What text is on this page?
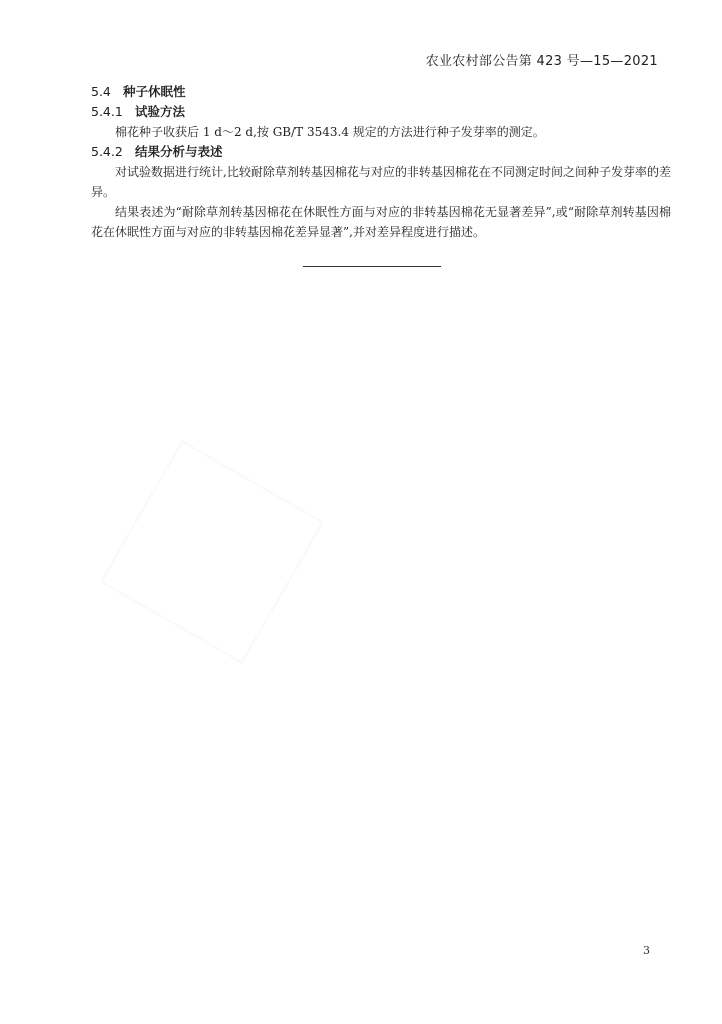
农业农村部公告第 423 号—15—2021
5.4 种子休眠性
5.4.1 试验方法

棉花种子收获后 1 d～2 d,按 GB/T 3543.4 规定的方法进行种子发芽率的测定。

5.4.2 结果分析与表述

对试验数据进行统计,比较耐除草剂转基因棉花与对应的非转基因棉花在不同测定时间之间种子发芽率的差异。

结果表述为“耐除草剂转基因棉花在休眠性方面与对应的非转基因棉花无显著差异”,或“耐除草剂转基因棉花在休眠性方面与对应的非转基因棉花差异显著”,并对差异程度进行描述。

3
